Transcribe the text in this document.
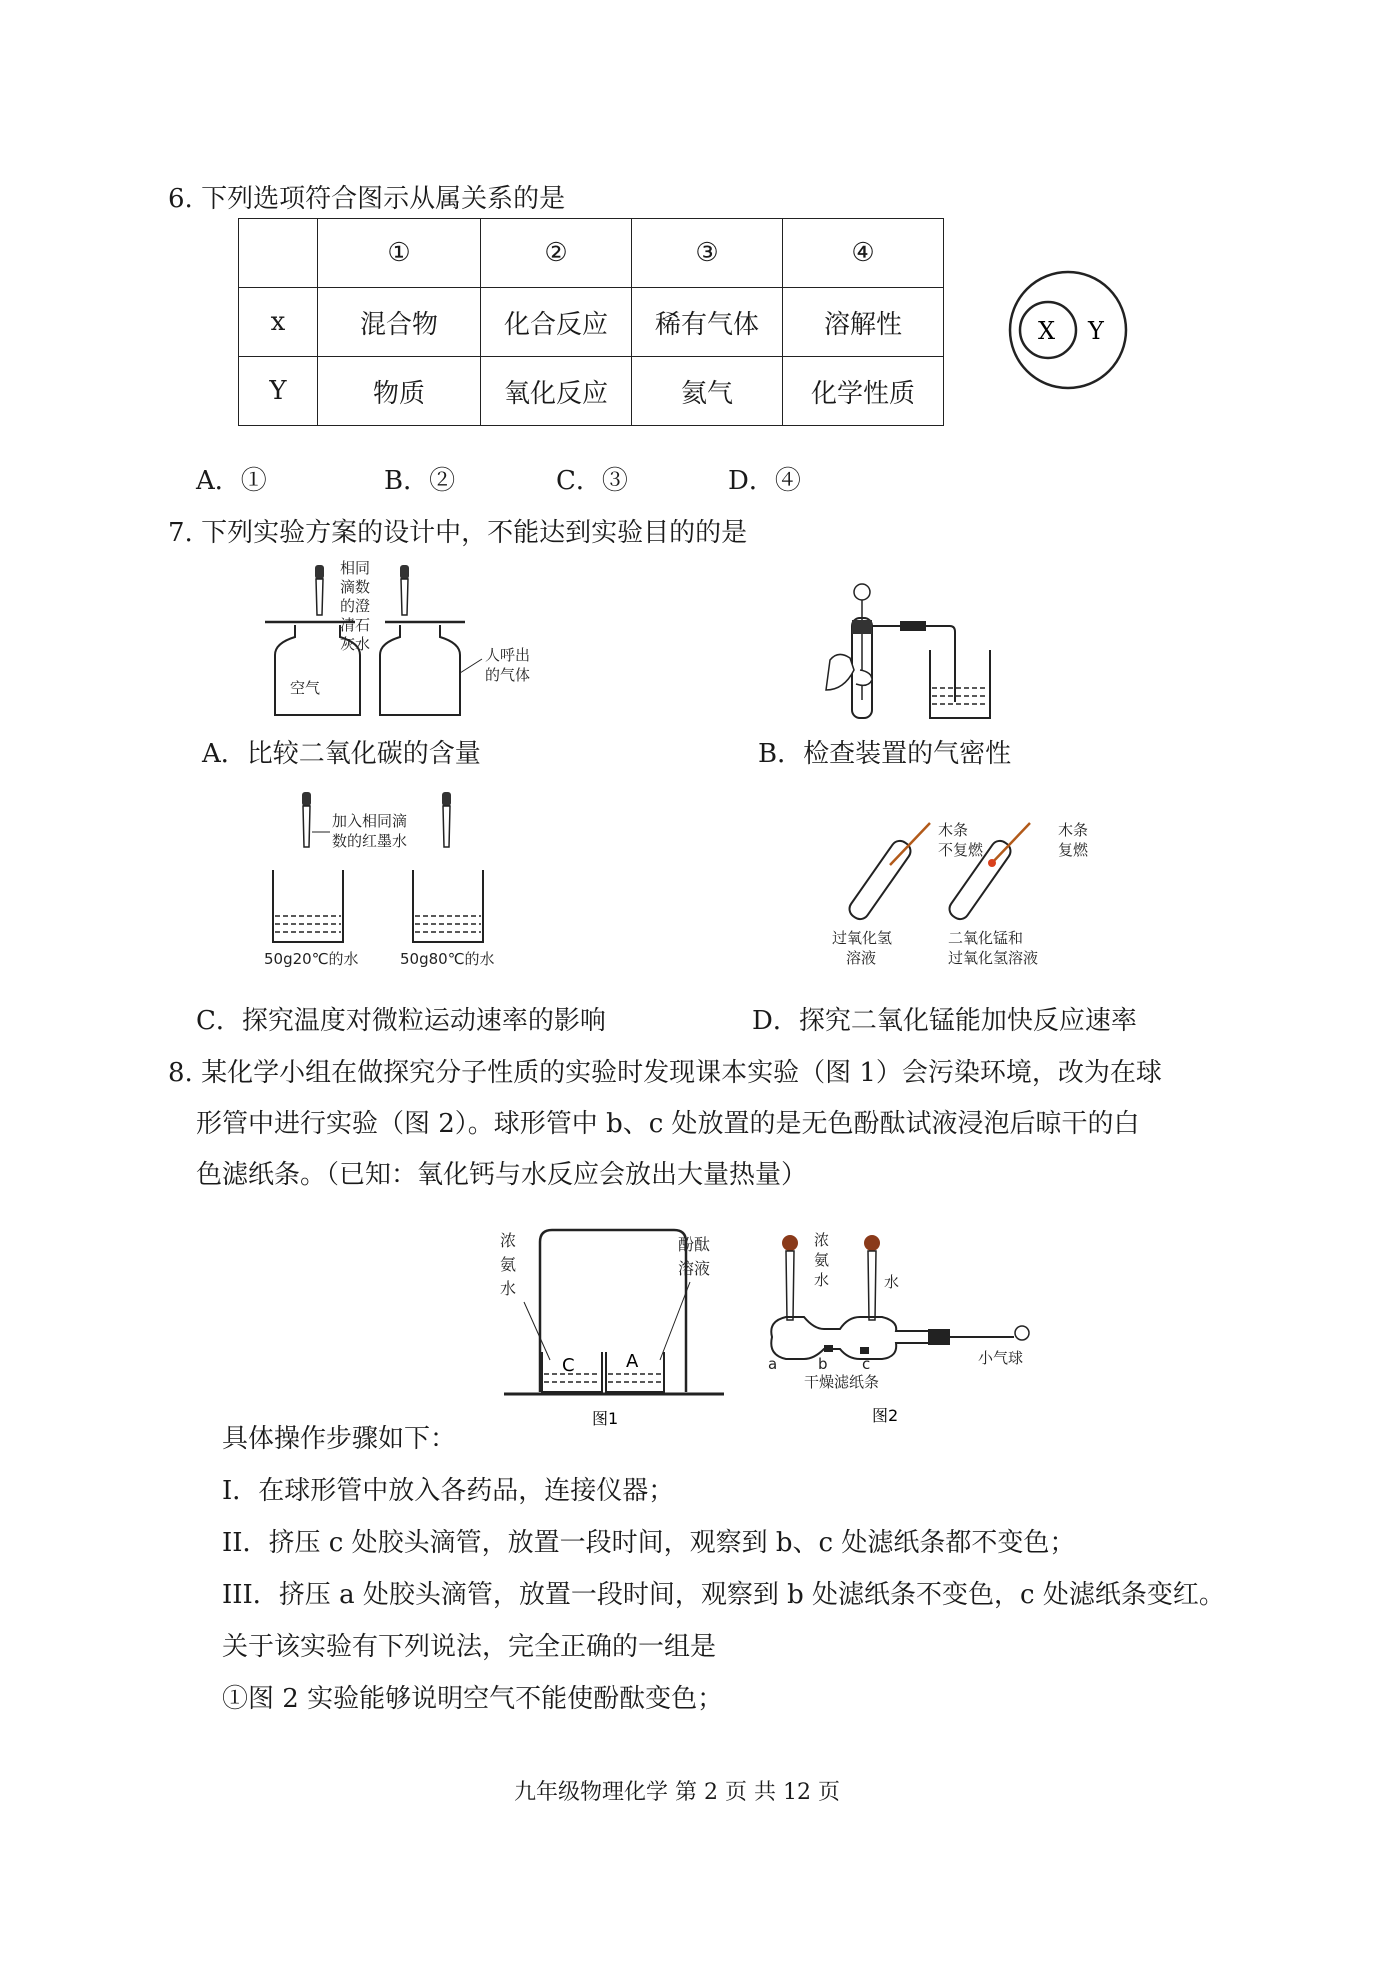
6. 下列选项符合图示从属关系的是
	①	②	③	④
x	混合物	化合反应	稀有气体	溶解性
Y	物质	氧化反应	氦气	化学性质
X Y
A．①	B．②	C．③	D．④
7. 下列实验方案的设计中，不能达到实验目的的是
相同
滴数
的澄
清石
灰水
空气
人呼出
的气体
A．比较二氧化碳的含量	B．检查装置的气密性
加入相同滴
数的红墨水
50g20℃的水	50g80℃的水
C．探究温度对微粒运动速率的影响
木条
不复燃
木条
复燃
过氧化氢
溶液
二氧化锰和
过氧化氢溶液
D．探究二氧化锰能加快反应速率
8. 某化学小组在做探究分子性质的实验时发现课本实验（图 1）会污染环境，改为在球
形管中进行实验（图 2）。球形管中 b、c 处放置的是无色酚酞试液浸泡后晾干的白
色滤纸条。（已知：氧化钙与水反应会放出大量热量）
C	A
浓
氨
水
酚酞
溶液
图1
浓
氨
水	水
小气球
a	b c
干燥滤纸条
图2
具体操作步骤如下：
I．在球形管中放入各药品，连接仪器；
II．挤压 c 处胶头滴管，放置一段时间，观察到 b、c 处滤纸条都不变色；
III．挤压 a 处胶头滴管，放置一段时间，观察到 b 处滤纸条不变色，c 处滤纸条变红。
关于该实验有下列说法，完全正确的一组是
①图 2 实验能够说明空气不能使酚酞变色；
九年级物理化学 第 2 页 共 12 页
